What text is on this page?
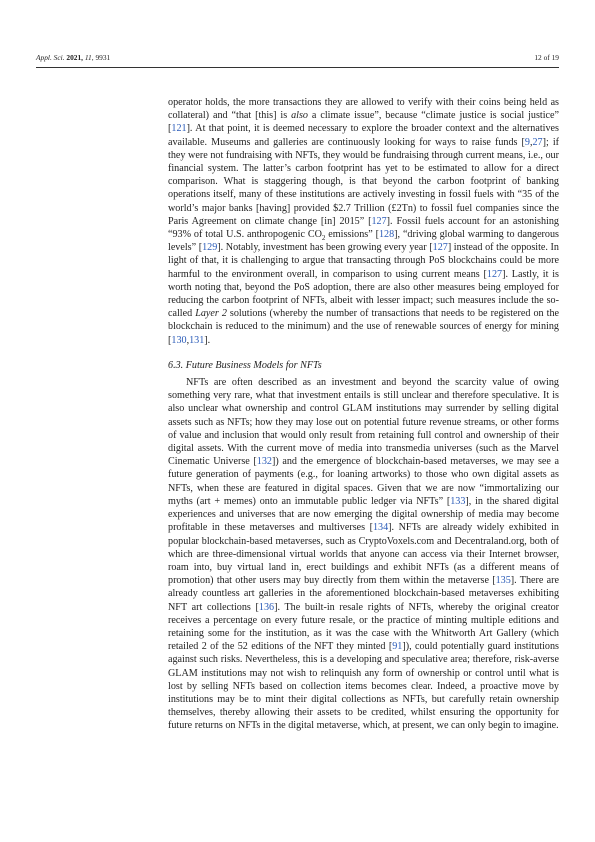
Appl. Sci. 2021, 11, 9931	12 of 19

operator holds, the more transactions they are allowed to verify with their coins being held as collateral) and “that [this] is also a climate issue”, because “climate justice is social justice” [121]. At that point, it is deemed necessary to explore the broader context and the alternatives available. Museums and galleries are continuously looking for ways to raise funds [9,27]; if they were not fundraising with NFTs, they would be fundraising through current means, i.e., our financial system. The latter’s carbon footprint has yet to be estimated to allow for a direct comparison. What is staggering though, is that beyond the carbon footprint of banking operations itself, many of these institutions are actively investing in fossil fuels with “35 of the world’s major banks [having] provided $2.7 Trillion (£2Tn) to fossil fuel companies since the Paris Agreement on climate change [in] 2015” [127]. Fossil fuels account for an astonishing “93% of total U.S. anthropogenic $CO_2$ emissions” [128], “driving global warming to dangerous levels” [129]. Notably, investment has been growing every year [127] instead of the opposite. In light of that, it is challenging to argue that transacting through PoS blockchains could be more harmful to the environment overall, in comparison to using current means [127]. Lastly, it is worth noting that, beyond the PoS adoption, there are also other measures being employed for reducing the carbon footprint of NFTs, albeit with lesser impact; such measures include the so-called Layer 2 solutions (whereby the number of transactions that needs to be registered on the blockchain is reduced to the minimum) and the use of renewable sources of energy for mining [130,131].

6.3. Future Business Models for NFTs

NFTs are often described as an investment and beyond the scarcity value of owing something very rare, what that investment entails is still unclear and therefore speculative. It is also unclear what ownership and control GLAM institutions may surrender by selling digital assets such as NFTs; how they may lose out on potential future revenue streams, or other forms of value and inclusion that would only result from retaining full control and ownership of their digital assets. With the current move of media into transmedia universes (such as the Marvel Cinematic Universe [132]) and the emergence of blockchain-based metaverses, we may see a future generation of payments (e.g., for loaning artworks) to those who own digital assets as NFTs, when these are featured in digital spaces. Given that we are now “immortalizing our myths (art + memes) onto an immutable public ledger via NFTs” [133], in the shared digital experiences and universes that are now emerging the digital ownership of media may become profitable in these metaverses and multiverses [134]. NFTs are already widely exhibited in popular blockchain-based metaverses, such as CryptoVoxels.com and Decentraland.org, both of which are three-dimensional virtual worlds that anyone can access via their Internet browser, roam into, buy virtual land in, erect buildings and exhibit NFTs (as a different means of promotion) that other users may buy directly from them within the metaverse [135]. There are already countless art galleries in the aforementioned blockchain-based metaverses exhibiting NFT art collections [136]. The built-in resale rights of NFTs, whereby the original creator receives a percentage on every future resale, or the practice of minting multiple editions and retaining some for the institution, as it was the case with the Whitworth Art Gallery (which retailed 2 of the 52 editions of the NFT they minted [91]), could potentially guard institutions against such risks. Nevertheless, this is a developing and speculative area; therefore, risk-averse GLAM institutions may not wish to relinquish any form of ownership or control until what is lost by selling NFTs based on collection items becomes clear. Indeed, a proactive move by institutions may be to mint their digital collections as NFTs, but carefully retain ownership themselves, thereby allowing their assets to be credited, whilst ensuring the opportunity for future returns on NFTs in the digital metaverse, which, at present, we can only begin to imagine.
